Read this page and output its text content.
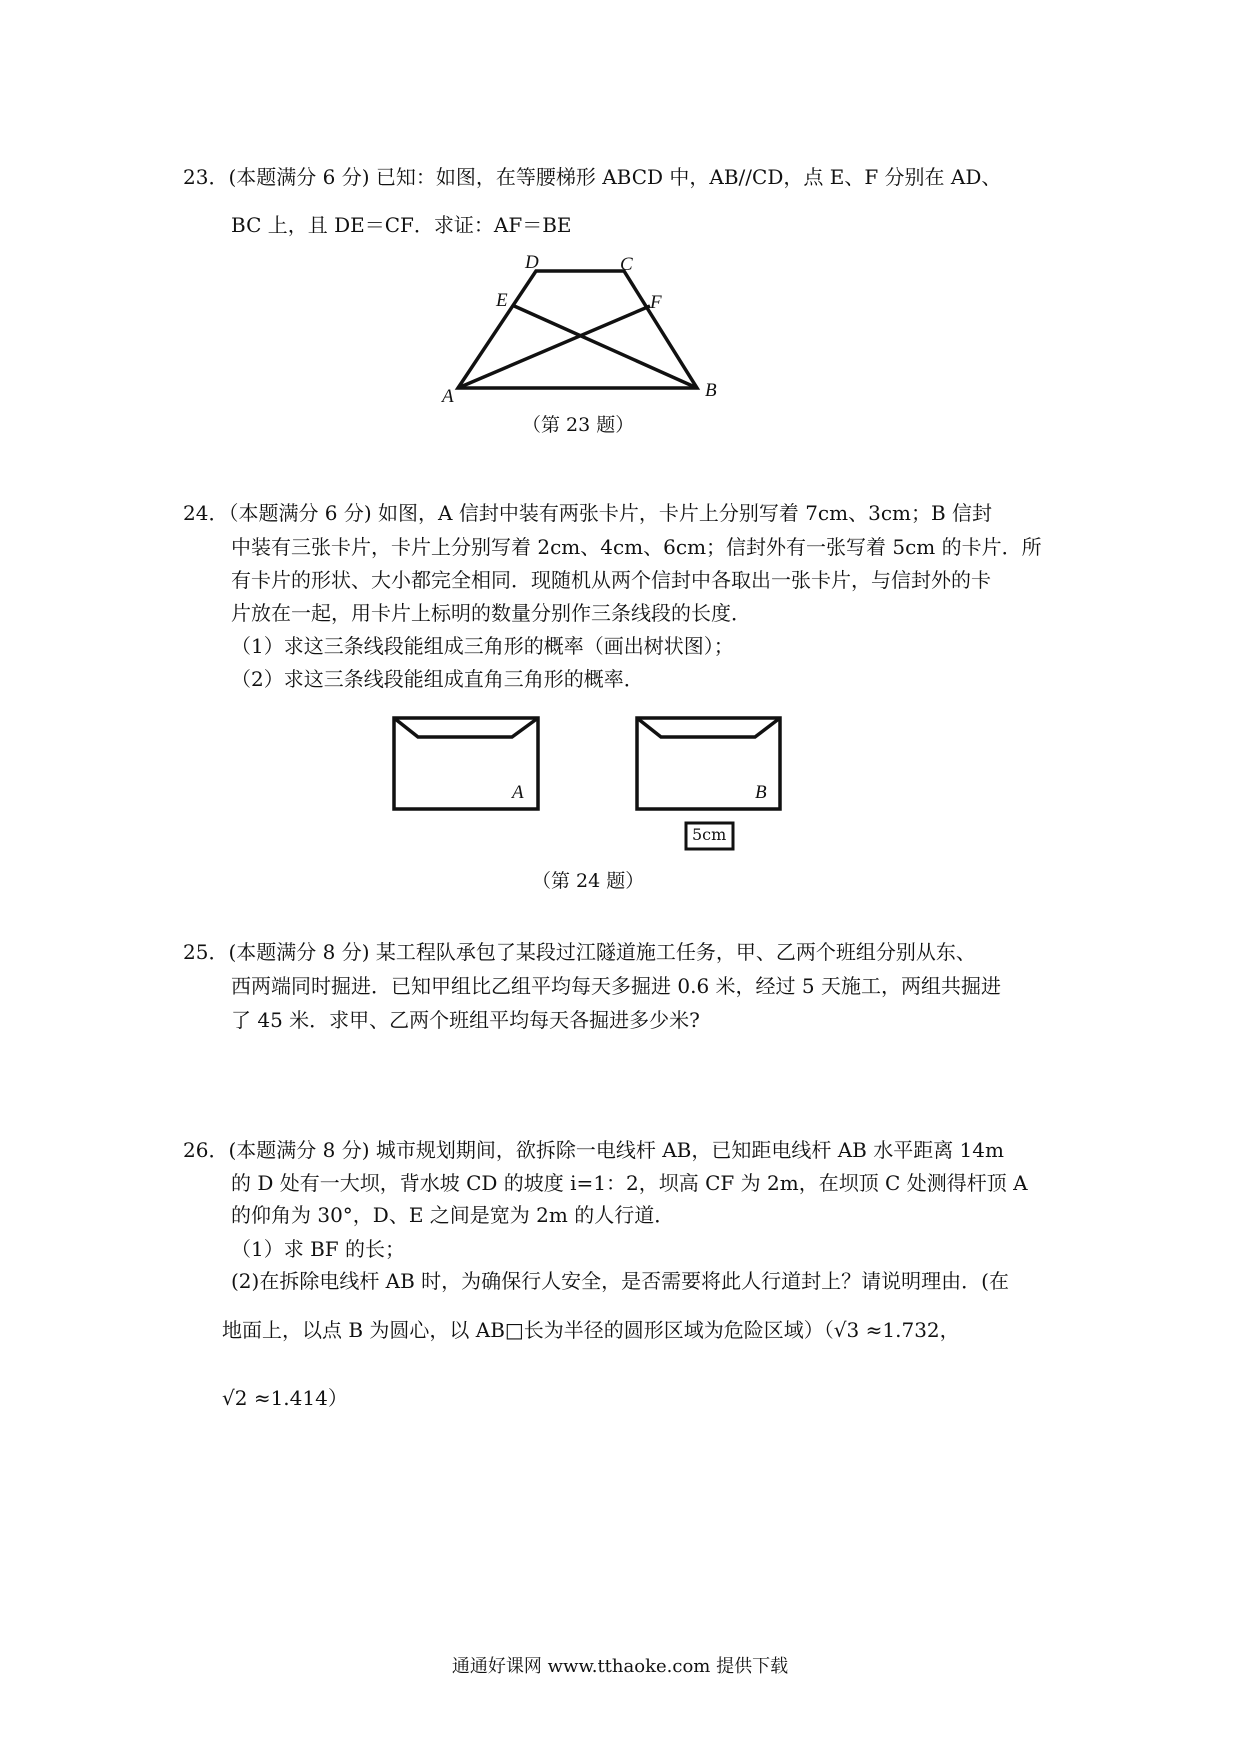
23．(本题满分 6 分) 已知：如图，在等腰梯形 ABCD 中，AB//CD，点 E、F 分别在 AD、
BC 上，且 DE＝CF．求证：AF＝BE
D	C
E	F
A	B
（第 23 题）
24．（本题满分 6 分) 如图，A 信封中装有两张卡片，卡片上分别写着 7cm、3cm；B 信封
中装有三张卡片，卡片上分别写着 2cm、4cm、6cm；信封外有一张写着 5cm 的卡片．所
有卡片的形状、大小都完全相同．现随机从两个信封中各取出一张卡片，与信封外的卡
片放在一起，用卡片上标明的数量分别作三条线段的长度．
（1）求这三条线段能组成三角形的概率（画出树状图）；
（2）求这三条线段能组成直角三角形的概率．
A	B
5cm
（第 24 题）
25．(本题满分 8 分) 某工程队承包了某段过江隧道施工任务，甲、乙两个班组分别从东、
西两端同时掘进．已知甲组比乙组平均每天多掘进 0.6 米，经过 5 天施工，两组共掘进
了 45 米．求甲、乙两个班组平均每天各掘进多少米?
26．(本题满分 8 分) 城市规划期间，欲拆除一电线杆 AB，已知距电线杆 AB 水平距离 14m
的 D 处有一大坝，背水坡 CD 的坡度 i=1：2，坝高 CF 为 2m，在坝顶 C 处测得杆顶 A
的仰角为 30°，D、E 之间是宽为 2m 的人行道．
（1）求 BF 的长；
(2)在拆除电线杆 AB 时，为确保行人安全，是否需要将此人行道封上？请说明理由．(在
地面上，以点 B 为圆心，以 AB□长为半径的圆形区域为危险区域）（√3 ≈1.732，
√2 ≈1.414）
通通好课网 www.tthaoke.com 提供下载
